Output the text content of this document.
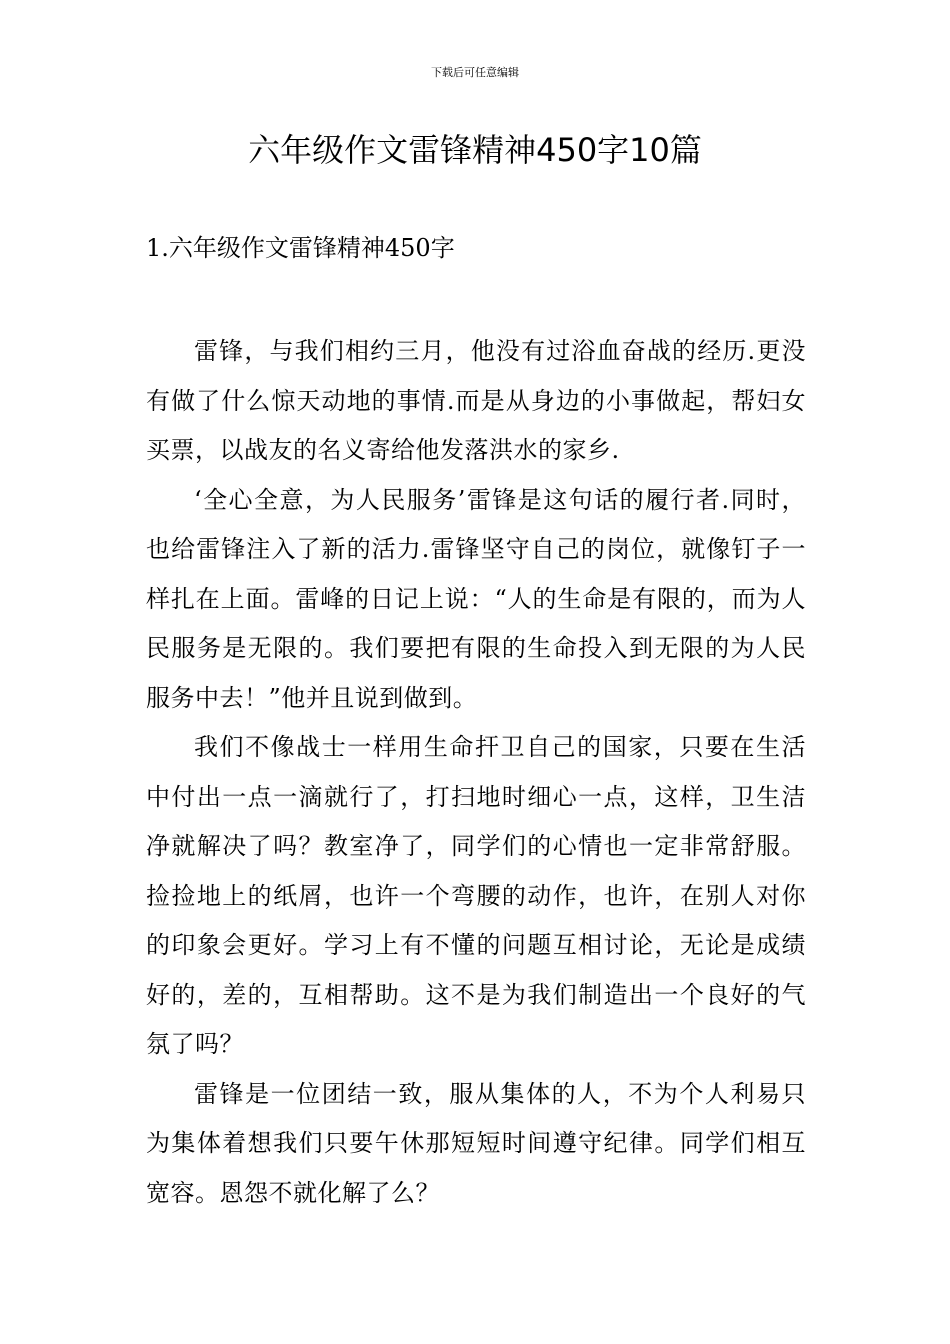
下载后可任意编辑
六年级作文雷锋精神450字10篇
1.六年级作文雷锋精神450字

雷锋，与我们相约三月，他没有过浴血奋战的经历.更没有做了什么惊天动地的事情.而是从身边的小事做起，帮妇女买票，以战友的名义寄给他发落洪水的家乡.

‘全心全意，为人民服务’雷锋是这句话的履行者.同时，也给雷锋注入了新的活力.雷锋坚守自己的岗位，就像钉子一样扎在上面。雷峰的日记上说：“人的生命是有限的，而为人民服务是无限的。我们要把有限的生命投入到无限的为人民服务中去！”他并且说到做到。

我们不像战士一样用生命扞卫自己的国家，只要在生活中付出一点一滴就行了，打扫地时细心一点，这样，卫生洁净就解决了吗？教室净了，同学们的心情也一定非常舒服。捡捡地上的纸屑，也许一个弯腰的动作，也许，在别人对你的印象会更好。学习上有不懂的问题互相讨论，无论是成绩好的，差的，互相帮助。这不是为我们制造出一个良好的气氛了吗？

雷锋是一位团结一致，服从集体的人，不为个人利易只为集体着想我们只要午休那短短时间遵守纪律。同学们相互宽容。恩怨不就化解了么？
